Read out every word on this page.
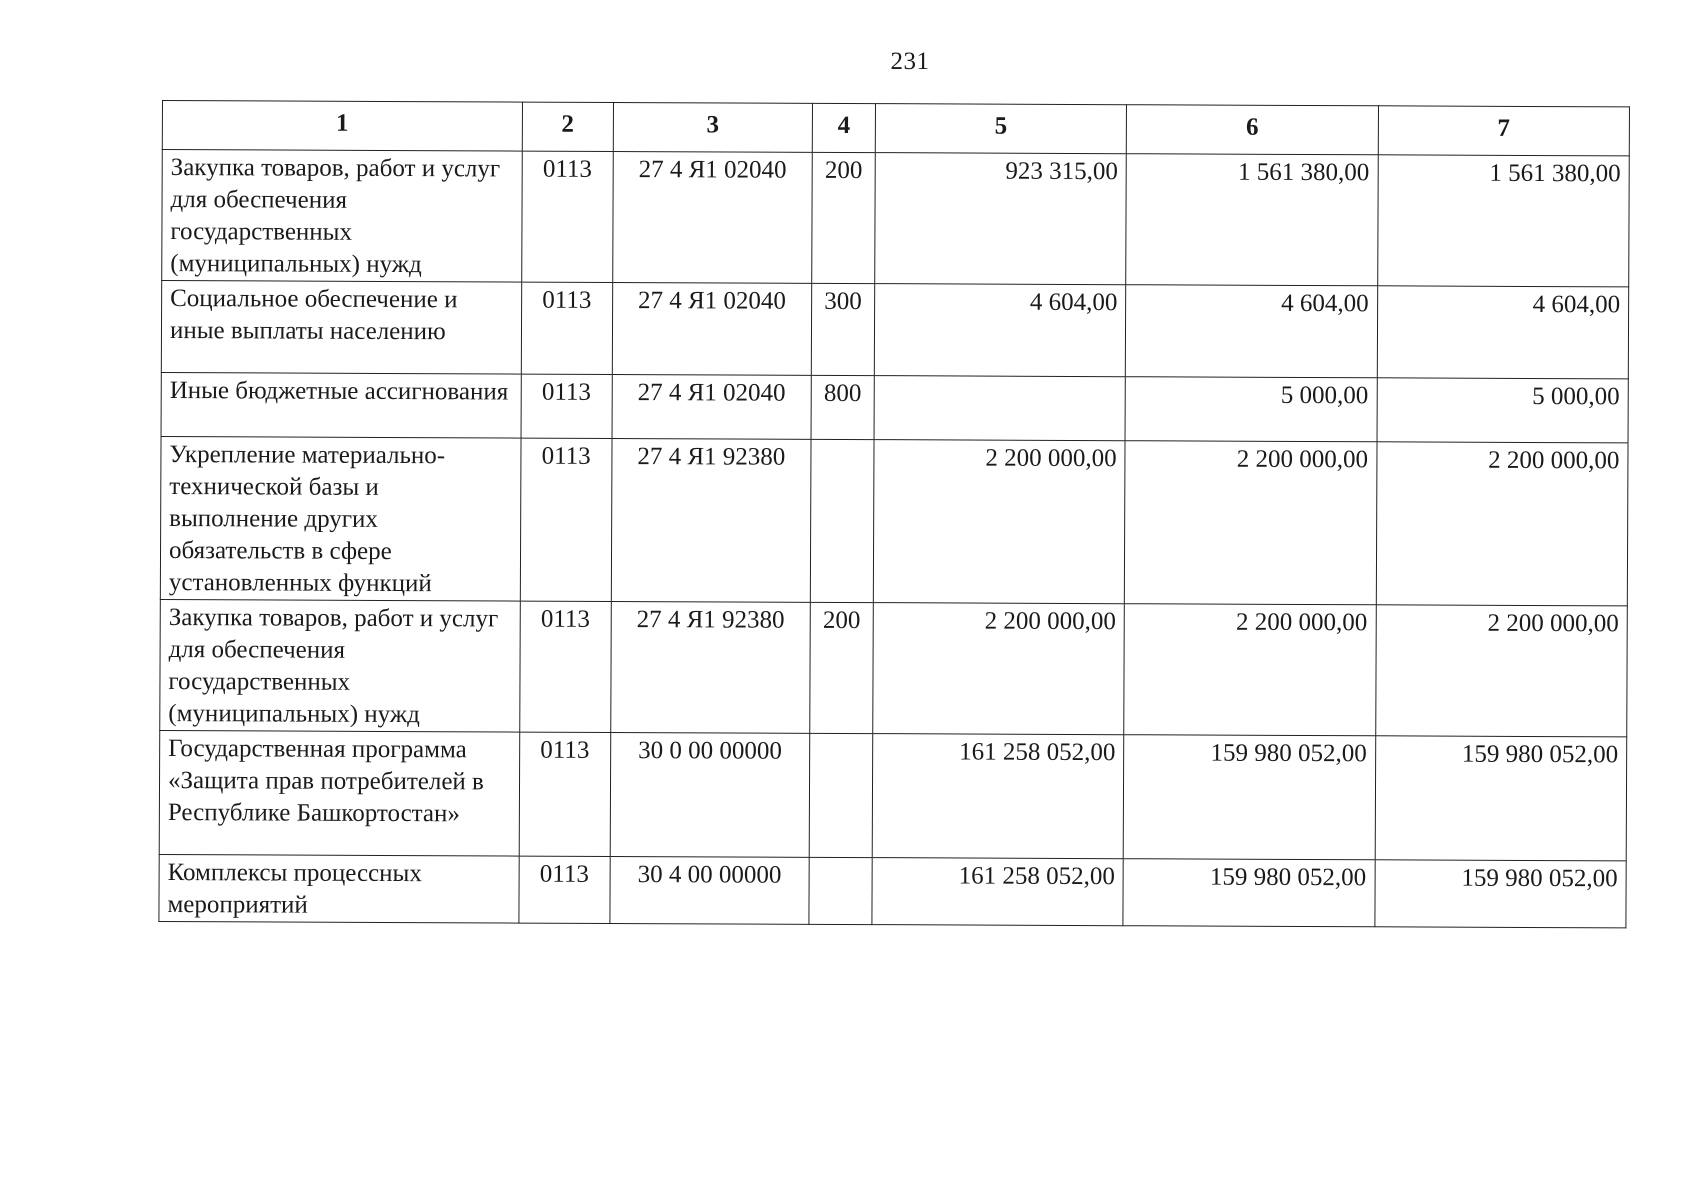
231
1	2	3	4	5	6	7
Закупка товаров, работ и услуг для обеспечения государственных (муниципальных) нужд	0113	27 4 Я1 02040	200	923 315,00	1 561 380,00	1 561 380,00
Социальное обеспечение и иные выплаты населению	0113	27 4 Я1 02040	300	4 604,00	4 604,00	4 604,00
Иные бюджетные ассигнования	0113	27 4 Я1 02040	800		5 000,00	5 000,00
Укрепление материально-технической базы и выполнение других обязательств в сфере установленных функций	0113	27 4 Я1 92380		2 200 000,00	2 200 000,00	2 200 000,00
Закупка товаров, работ и услуг для обеспечения государственных (муниципальных) нужд	0113	27 4 Я1 92380	200	2 200 000,00	2 200 000,00	2 200 000,00
Государственная программа «Защита прав потребителей в Республике Башкортостан»	0113	30 0 00 00000		161 258 052,00	159 980 052,00	159 980 052,00
Комплексы процессных мероприятий	0113	30 4 00 00000		161 258 052,00	159 980 052,00	159 980 052,00
